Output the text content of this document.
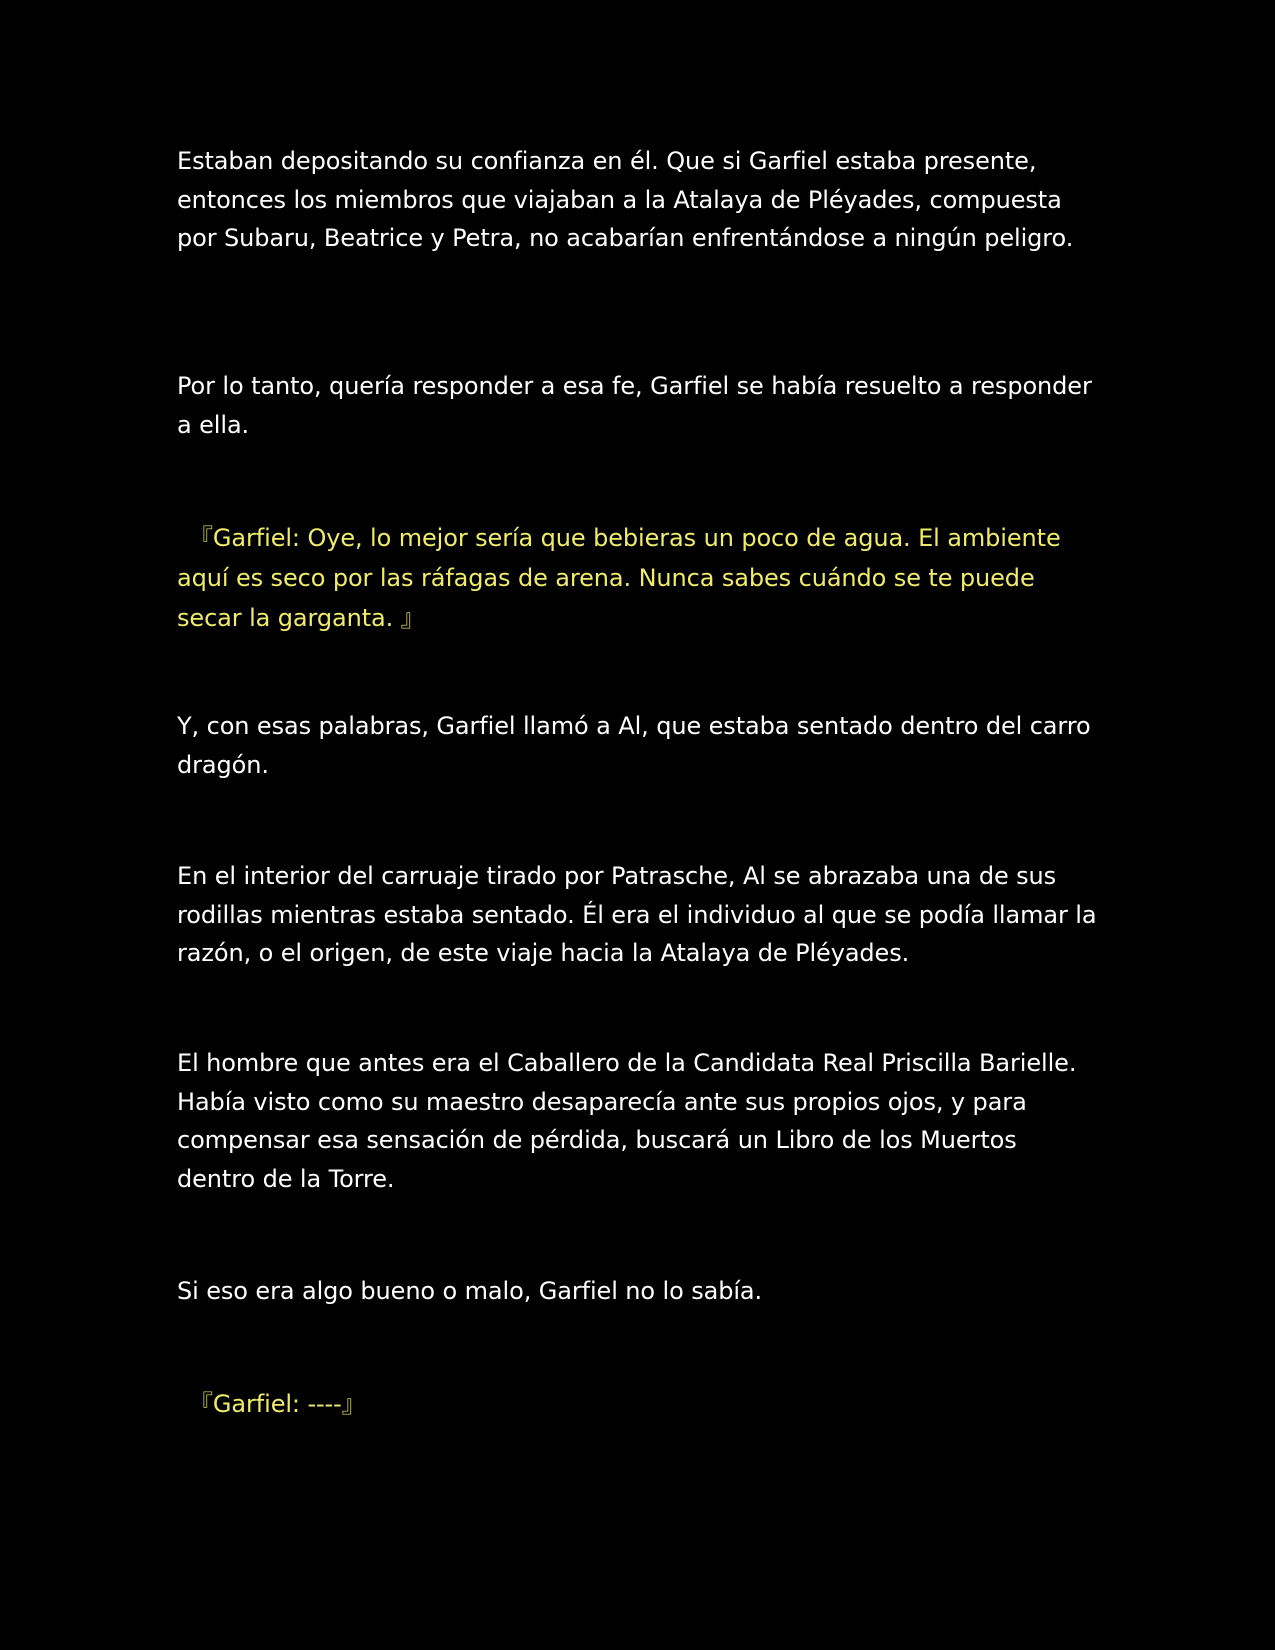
Estaban depositando su confianza en él. Que si Garfiel estaba presente, entonces los miembros que viajaban a la Atalaya de Pléyades, compuesta por Subaru, Beatrice y Petra, no acabarían enfrentándose a ningún peligro.

Por lo tanto, quería responder a esa fe, Garfiel se había resuelto a responder a ella.

『Garfiel: Oye, lo mejor sería que bebieras un poco de agua. El ambiente
aquí es seco por las ráfagas de arena. Nunca sabes cuándo se te puede
secar la garganta. 』

Y, con esas palabras, Garfiel llamó a Al, que estaba sentado dentro del carro dragón.

En el interior del carruaje tirado por Patrasche, Al se abrazaba una de sus rodillas mientras estaba sentado. Él era el individuo al que se podía llamar la razón, o el origen, de este viaje hacia la Atalaya de Pléyades.

El hombre que antes era el Caballero de la Candidata Real Priscilla Barielle. Había visto como su maestro desaparecía ante sus propios ojos, y para compensar esa sensación de pérdida, buscará un Libro de los Muertos dentro de la Torre.

Si eso era algo bueno o malo, Garfiel no lo sabía.

『Garfiel: ----』
